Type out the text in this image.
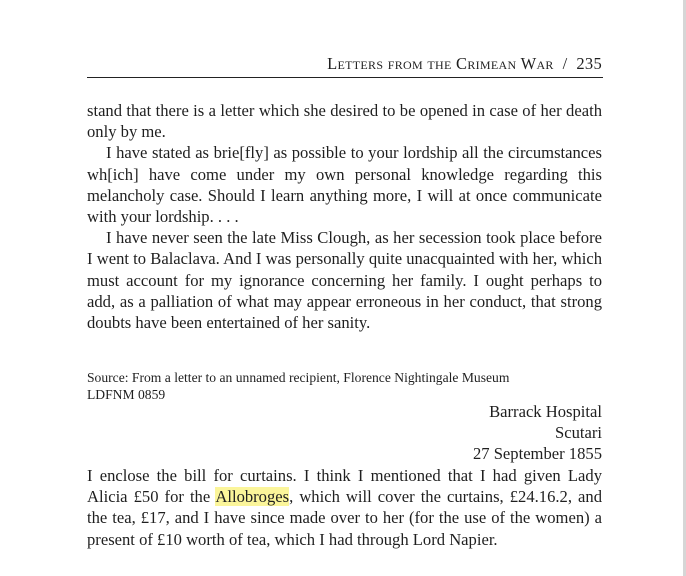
Letters from the Crimean War / 235

stand that there is a letter which she desired to be opened in case of her death only by me.

I have stated as brie[fly] as possible to your lordship all the circumstances wh[ich] have come under my own personal knowledge regarding this melancholy case. Should I learn anything more, I will at once communicate with your lordship. . . .

I have never seen the late Miss Clough, as her secession took place before I went to Balaclava. And I was personally quite unacquainted with her, which must account for my ignorance concerning her family. I ought perhaps to add, as a palliation of what may appear erroneous in her conduct, that strong doubts have been entertained of her sanity.

Source: From a letter to an unnamed recipient, Florence Nightingale Museum
LDFNM 0859
Barrack Hospital
Scutari
27 September 1855
I enclose the bill for curtains. I think I mentioned that I had given Lady Alicia £50 for the Allobroges, which will cover the curtains, £24.16.2, and the tea, £17, and I have since made over to her (for the use of the women) a present of £10 worth of tea, which I had through Lord Napier.
